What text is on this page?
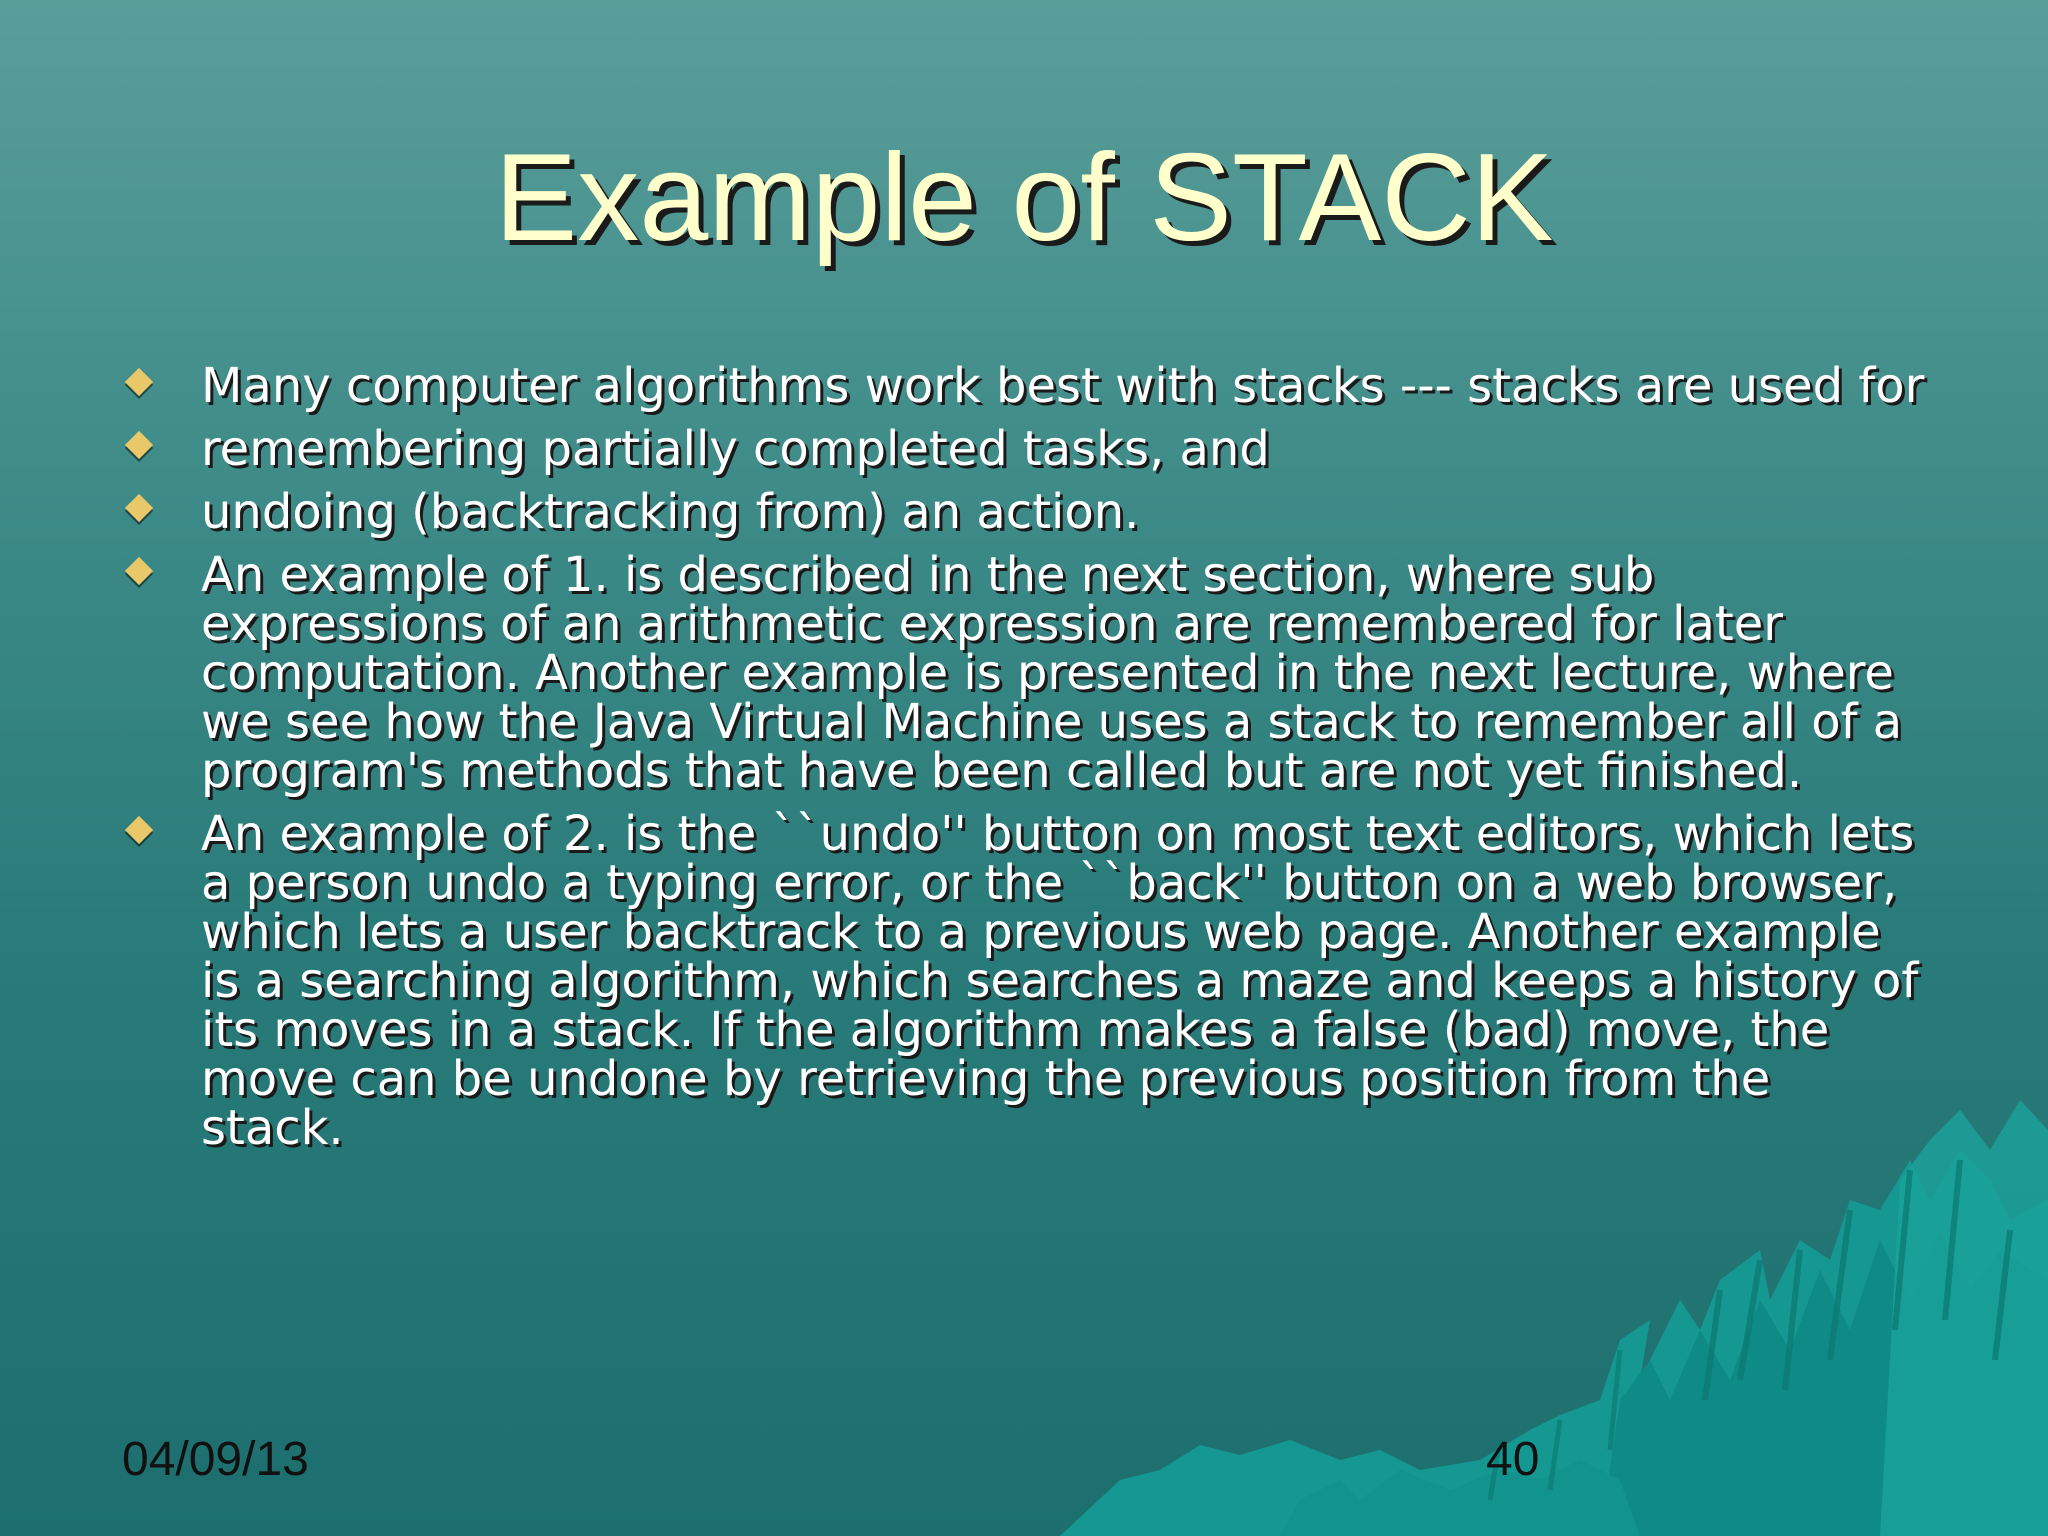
Example of STACK
Many computer algorithms work best with stacks --- stacks are used for
remembering partially completed tasks, and
undoing (backtracking from) an action.
An example of 1. is described in the next section, where sub expressions of an arithmetic expression are remembered for later computation. Another example is presented in the next lecture, where we see how the Java Virtual Machine uses a stack to remember all of a program's methods that have been called but are not yet finished.
An example of 2. is the ``undo'' button on most text editors, which lets a person undo a typing error, or the ``back'' button on a web browser, which lets a user backtrack to a previous web page. Another example is a searching algorithm, which searches a maze and keeps a history of its moves in a stack. If the algorithm makes a false (bad) move, the move can be undone by retrieving the previous position from the stack.
04/09/13	40
